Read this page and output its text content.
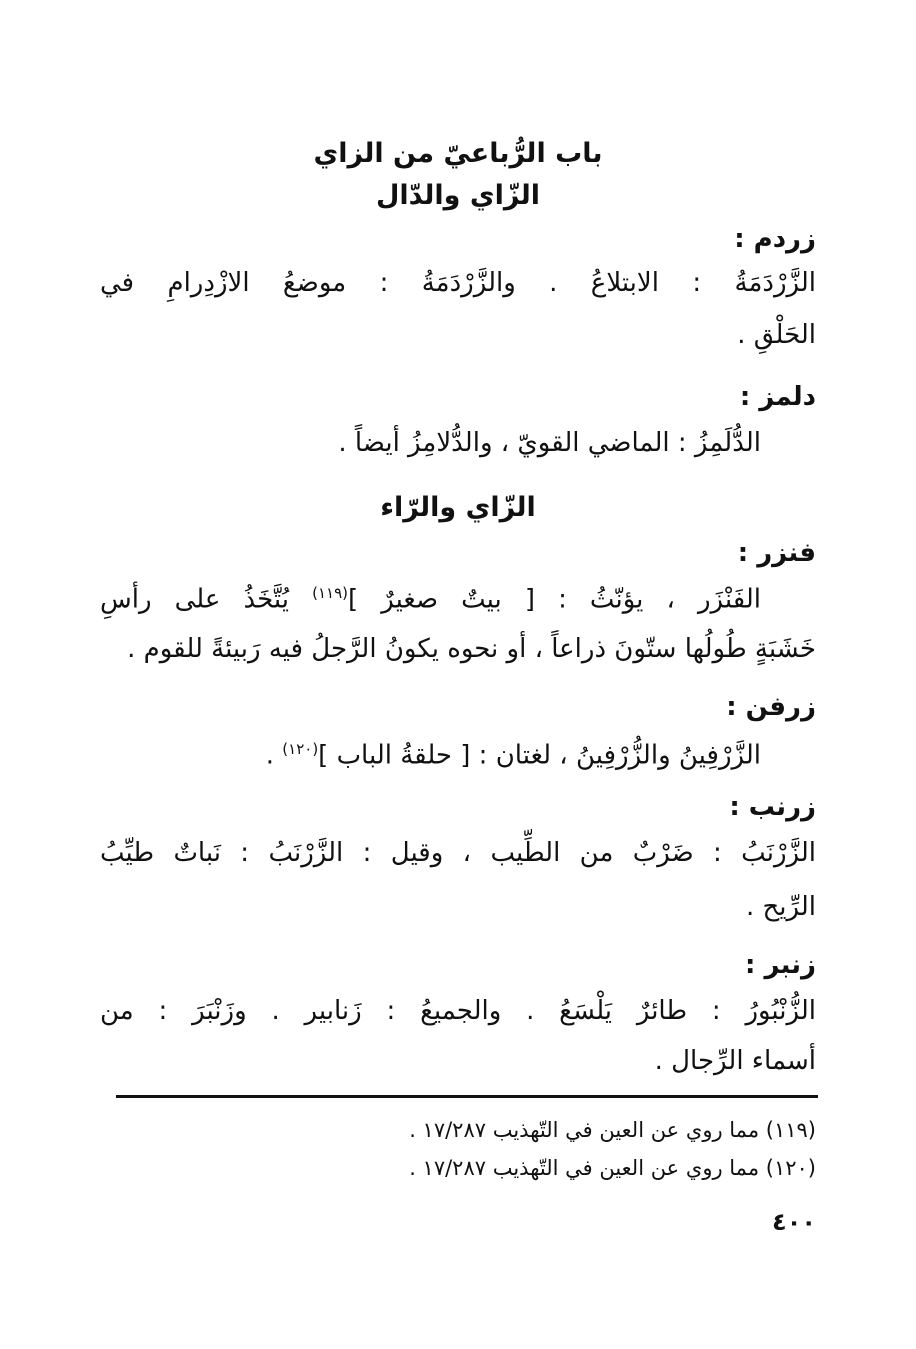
باب الرُّباعيّ من الزاي
الزّاي والدّال
زردم :
الزَّرْدَمَةُ : الابتلاعُ . والزَّرْدَمَةُ : موضعُ الازْدِرامِ في
الحَلْقِ .
دلمز :
الدُّلَمِزُ : الماضي القويّ ، والدُّلامِزُ أيضاً .
الزّاي والرّاء
فنزر :
الفَنْزَر ، يؤنّثُ : [ بيتٌ صغيرٌ ]$^{(١١٩)}$ يُتَّخَذُ على رأسِ
خَشَبَةٍ طُولُها ستّونَ ذراعاً ، أو نحوه يكونُ الرَّجلُ فيه رَبيئةً للقوم .
زرفن :
الزَّرْفِينُ والزُّرْفِينُ ، لغتان : [ حلقةُ الباب ]$^{(١٢٠)}$ .
زرنب :
الزَّرْنَبُ : ضَرْبٌ من الطِّيب ، وقيل : الزَّرْنَبُ : نَباتٌ طيِّبُ
الرِّيح .
زنبر :
الزُّنْبُورُ : طائرٌ يَلْسَعُ . والجميعُ : زَنابير . وزَنْبَرَ : من
أسماء الرِّجال .
(١١٩) مما روي عن العين في التّهذيب ١٧/٢٨٧ .
(١٢٠) مما روي عن العين في التّهذيب ١٧/٢٨٧ .
٤٠٠
